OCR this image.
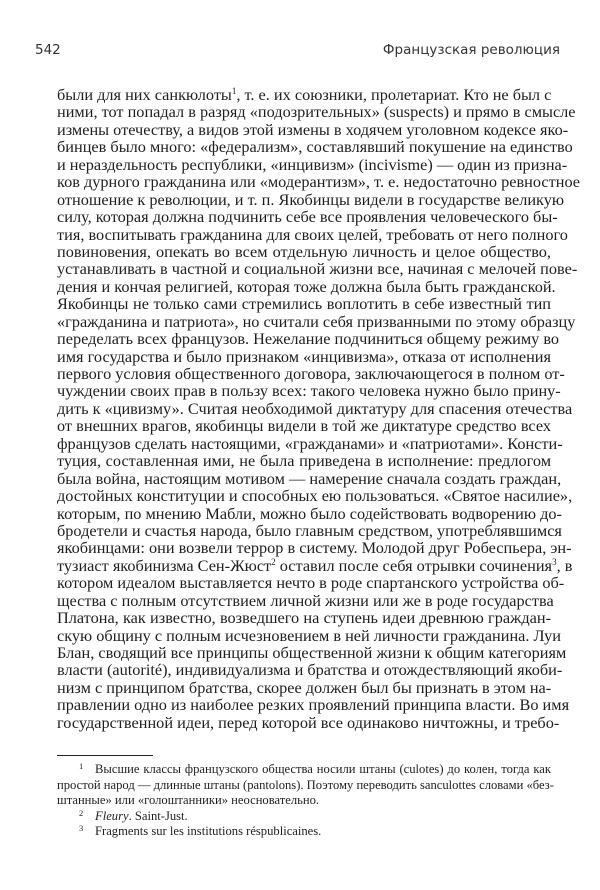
542	Французская революция
были для них санкюлоты$^1$, т. е. их союзники, пролетариат. Кто не был с
ними, тот попадал в разряд «подозрительных» (suspects) и прямо в смысле
измены отечеству, а видов этой измены в ходячем уголовном кодексе яко-
бинцев было много: «федерализм», составлявший покушение на единство
и нераздельность республики, «инцивизм» (incivisme) — один из призна-
ков дурного гражданина или «модерантизм», т. е. недостаточно ревностное
отношение к революции, и т. п. Якобинцы видели в государстве великую
силу, которая должна подчинить себе все проявления человеческого бы-
тия, воспитывать гражданина для своих целей, требовать от него полного
повиновения, опекать во всем отдельную личность и целое общество,
устанавливать в частной и социальной жизни все, начиная с мелочей пове-
дения и кончая религией, которая тоже должна была быть гражданской.
Якобинцы не только сами стремились воплотить в себе известный тип
«гражданина и патриота», но считали себя призванными по этому образцу
переделать всех французов. Нежелание подчиниться общему режиму во
имя государства и было признаком «инцивизма», отказа от исполнения
первого условия общественного договора, заключающегося в полном от-
чуждении своих прав в пользу всех: такого человека нужно было прину-
дить к «цивизму». Считая необходимой диктатуру для спасения отечества
от внешних врагов, якобинцы видели в той же диктатуре средство всех
французов сделать настоящими, «гражданами» и «патриотами». Консти-
туция, составленная ими, не была приведена в исполнение: предлогом
была война, настоящим мотивом — намерение сначала создать граждан,
достойных конституции и способных ею пользоваться. «Святое насилие»,
которым, по мнению Мабли, можно было содействовать водворению до-
бродетели и счастья народа, было главным средством, употреблявшимся
якобинцами: они возвели террор в систему. Молодой друг Робеспьера, эн-
тузиаст якобинизма Сен-Жюст$^2$ оставил после себя отрывки сочинения$^3$, в
котором идеалом выставляется нечто в роде спартанского устройства об-
щества с полным отсутствием личной жизни или же в роде государства
Платона, как известно, возведшего на ступень идеи древнюю граждан-
скую общину с полным исчезновением в ней личности гражданина. Луи
Блан, сводящий все принципы общественной жизни к общим категориям
власти (autorité), индивидуализма и братства и отождествляющий якоби-
низм с принципом братства, скорее должен был бы признать в этом на-
правлении одно из наиболее резких проявлений принципа власти. Во имя
государственной идеи, перед которой все одинаково ничтожны, и требо-
1 Высшие классы французского общества носили штаны (culotes) до колен, тогда как
простой народ — длинные штаны (pantolons). Поэтому переводить sanculottes словами «без-
штанные» или «голоштанники» неосновательно.
2 Fleury. Saint-Just.
3 Fragments sur les institutions résрublicaines.
